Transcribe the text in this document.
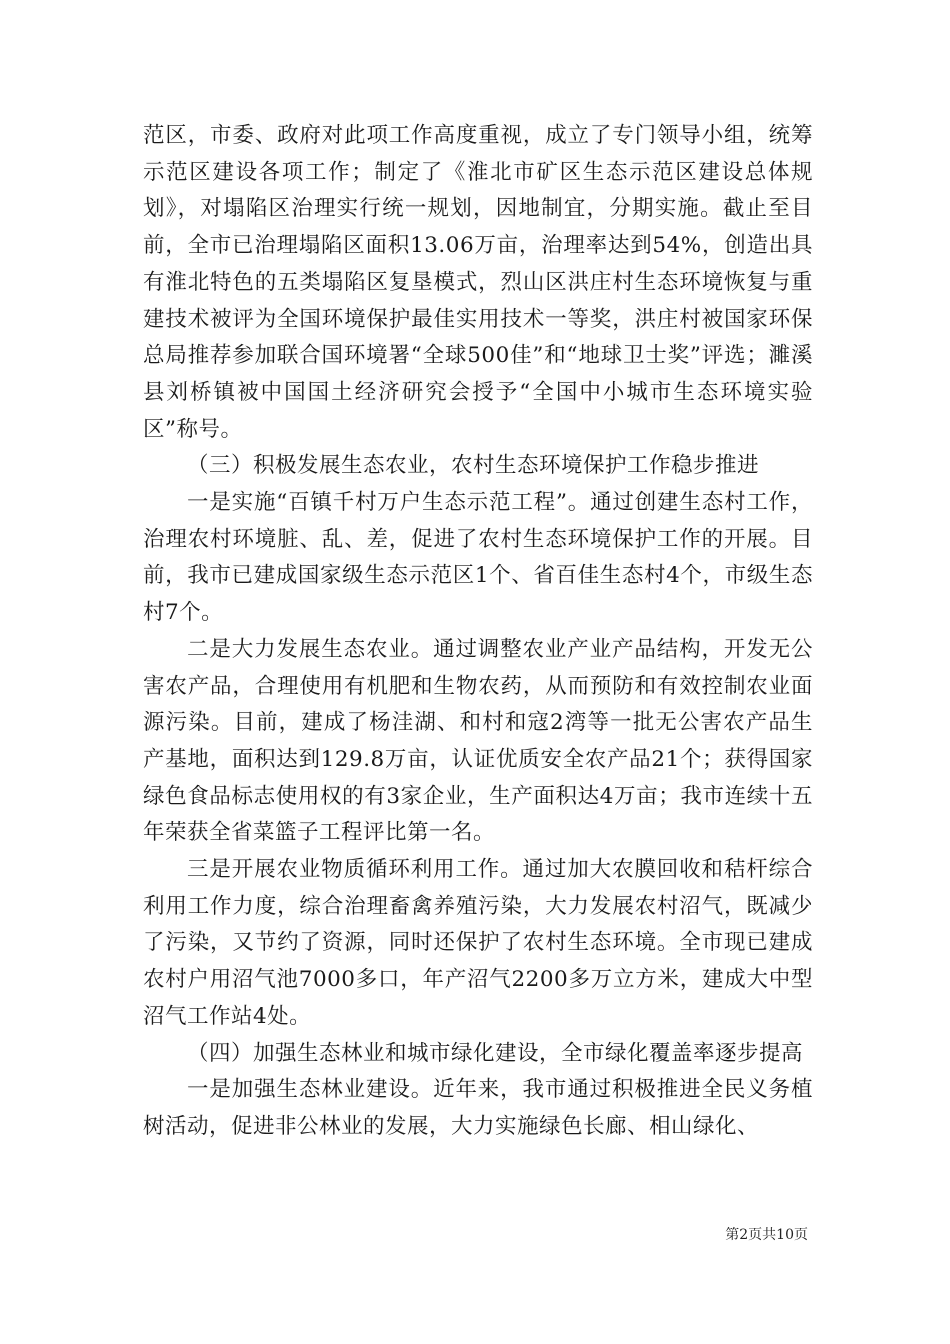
范区，市委、政府对此项工作高度重视，成立了专门领导小组，统筹示范区建设各项工作；制定了《淮北市矿区生态示范区建设总体规划》，对塌陷区治理实行统一规划，因地制宜，分期实施。截止至目前，全市已治理塌陷区面积13.06万亩，治理率达到54%，创造出具有淮北特色的五类塌陷区复垦模式，烈山区洪庄村生态环境恢复与重建技术被评为全国环境保护最佳实用技术一等奖，洪庄村被国家环保总局推荐参加联合国环境署“全球500佳”和“地球卫士奖”评选；濉溪县刘桥镇被中国国土经济研究会授予“全国中小城市生态环境实验区”称号。

（三）积极发展生态农业，农村生态环境保护工作稳步推进

一是实施“百镇千村万户生态示范工程”。通过创建生态村工作，治理农村环境脏、乱、差，促进了农村生态环境保护工作的开展。目前，我市已建成国家级生态示范区1个、省百佳生态村4个，市级生态村7个。

二是大力发展生态农业。通过调整农业产业产品结构，开发无公害农产品，合理使用有机肥和生物农药，从而预防和有效控制农业面源污染。目前，建成了杨洼湖、和村和寇2湾等一批无公害农产品生产基地，面积达到129.8万亩，认证优质安全农产品21个；获得国家绿色食品标志使用权的有3家企业，生产面积达4万亩；我市连续十五年荣获全省菜篮子工程评比第一名。

三是开展农业物质循环利用工作。通过加大农膜回收和秸杆综合利用工作力度，综合治理畜禽养殖污染，大力发展农村沼气，既减少了污染，又节约了资源，同时还保护了农村生态环境。全市现已建成农村户用沼气池7000多口，年产沼气2200多万立方米，建成大中型沼气工作站4处。

（四）加强生态林业和城市绿化建设，全市绿化覆盖率逐步提高

一是加强生态林业建设。近年来，我市通过积极推进全民义务植树活动，促进非公林业的发展，大力实施绿色长廊、相山绿化、

第2页共10页
